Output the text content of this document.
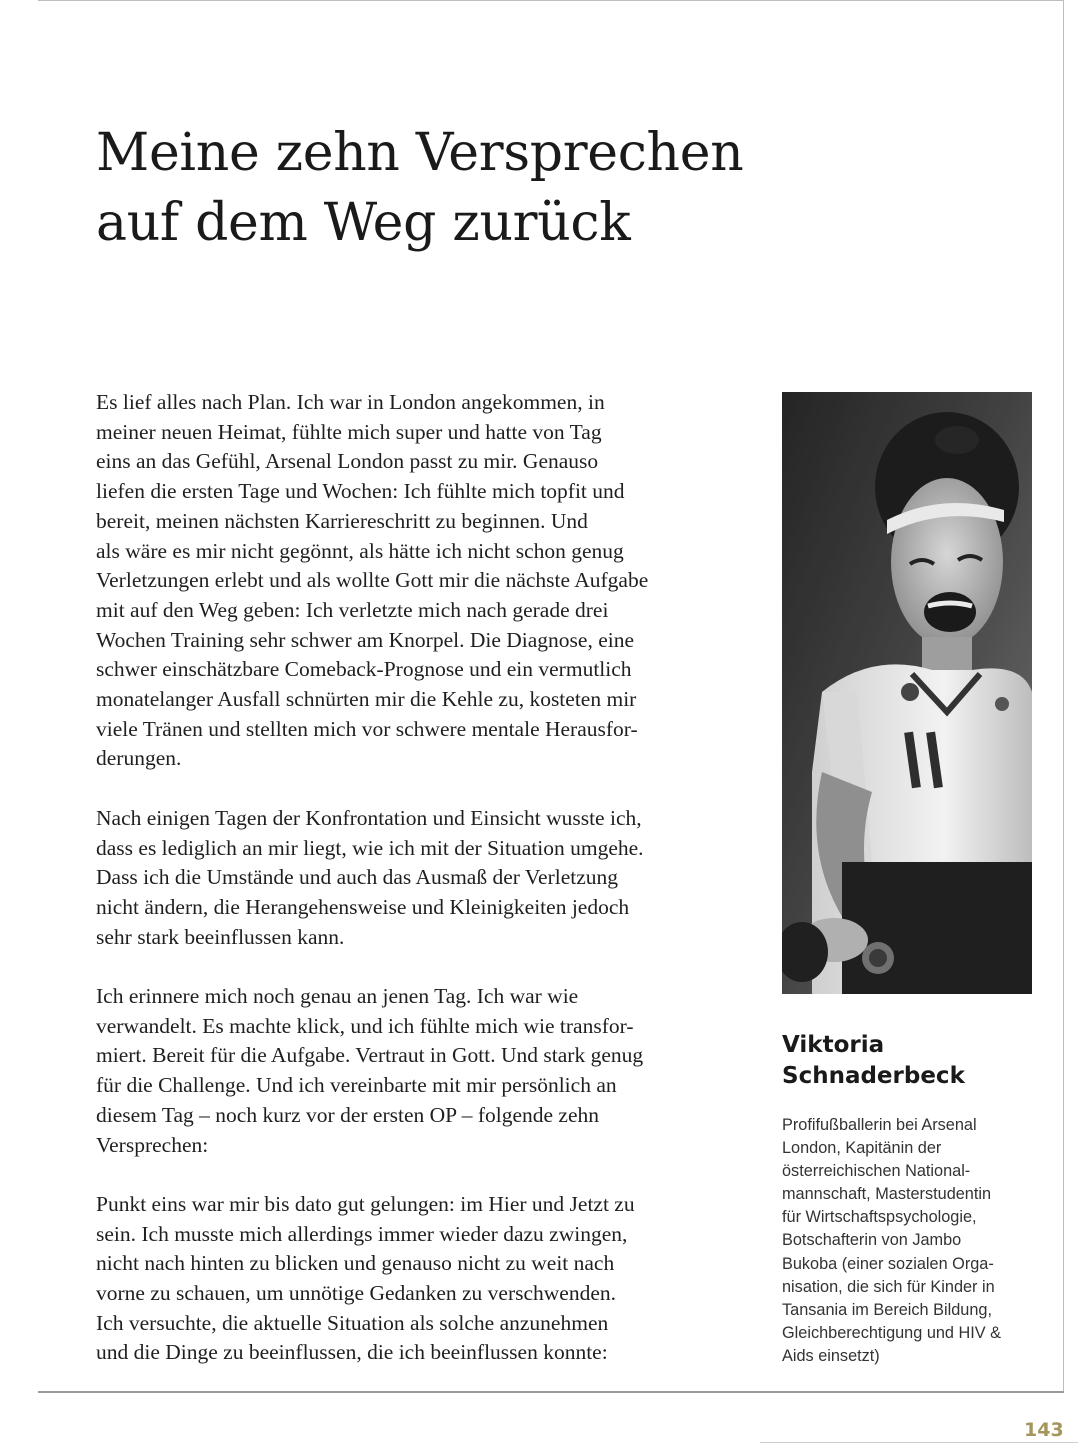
Meine zehn Versprechen
auf dem Weg zurück

Es lief alles nach Plan. Ich war in London angekommen, in
meiner neuen Heimat, fühlte mich super und hatte von Tag
eins an das Gefühl, Arsenal London passt zu mir. Genauso
liefen die ersten Tage und Wochen: Ich fühlte mich topfit und
bereit, meinen nächsten Karriereschritt zu beginnen. Und
als wäre es mir nicht gegönnt, als hätte ich nicht schon genug
Verletzungen erlebt und als wollte Gott mir die nächste Aufgabe
mit auf den Weg geben: Ich verletzte mich nach gerade drei
Wochen Training sehr schwer am Knorpel. Die Diagnose, eine
schwer einschätzbare Comeback-Prognose und ein vermutlich
monatelanger Ausfall schnürten mir die Kehle zu, kosteten mir
viele Tränen und stellten mich vor schwere mentale Herausfor-
derungen.

Nach einigen Tagen der Konfrontation und Einsicht wusste ich,
dass es lediglich an mir liegt, wie ich mit der Situation umgehe.
Dass ich die Umstände und auch das Ausmaß der Verletzung
nicht ändern, die Herangehensweise und Kleinigkeiten jedoch
sehr stark beeinflussen kann.

Ich erinnere mich noch genau an jenen Tag. Ich war wie
verwandelt. Es machte klick, und ich fühlte mich wie transfor-
miert. Bereit für die Aufgabe. Vertraut in Gott. Und stark genug
für die Challenge. Und ich vereinbarte mit mir persönlich an
diesem Tag – noch kurz vor der ersten OP – folgende zehn
Versprechen:

Punkt eins war mir bis dato gut gelungen: im Hier und Jetzt zu
sein. Ich musste mich allerdings immer wieder dazu zwingen,
nicht nach hinten zu blicken und genauso nicht zu weit nach
vorne zu schauen, um unnötige Gedanken zu verschwenden.
Ich versuchte, die aktuelle Situation als solche anzunehmen
und die Dinge zu beeinflussen, die ich beeinflussen konnte:

Viktoria
Schnaderbeck
Profifußballerin bei Arsenal
London, Kapitänin der
österreichischen National-
mannschaft, Masterstudentin
für Wirtschaftspsychologie,
Botschafterin von Jambo
Bukoba (einer sozialen Orga-
nisation, die sich für Kinder in
Tansania im Bereich Bildung,
Gleichberechtigung und HIV &
Aids einsetzt)
143
